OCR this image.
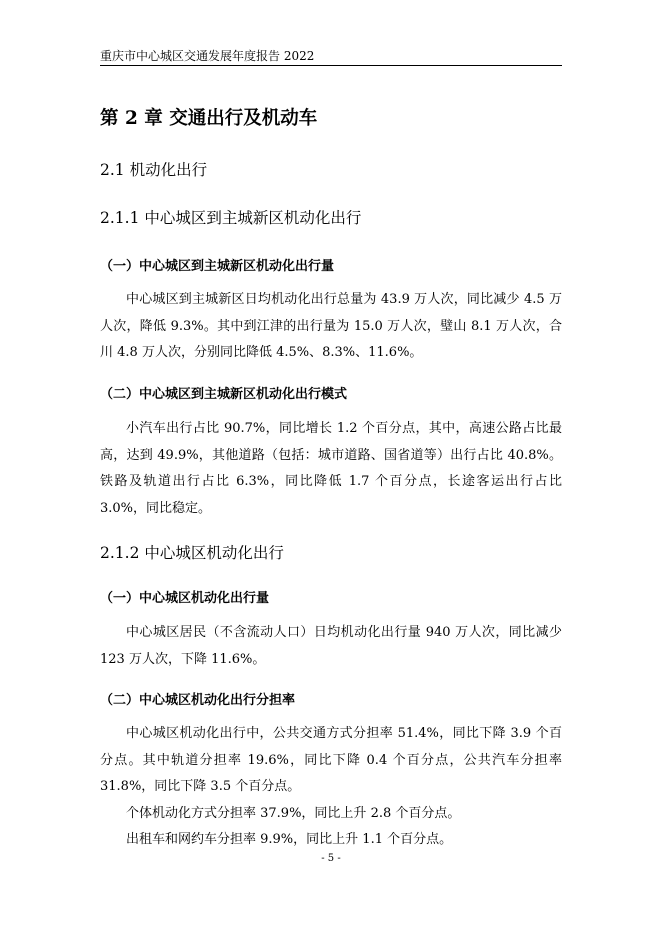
重庆市中心城区交通发展年度报告 2022
第 2 章 交通出行及机动车
2.1 机动化出行
2.1.1 中心城区到主城新区机动化出行
（一）中心城区到主城新区机动化出行量

中心城区到主城新区日均机动化出行总量为 43.9 万人次，同比减少 4.5 万人次，降低 9.3%。其中到江津的出行量为 15.0 万人次，璧山 8.1 万人次，合川 4.8 万人次，分别同比降低 4.5%、8.3%、11.6%。

（二）中心城区到主城新区机动化出行模式

小汽车出行占比 90.7%，同比增长 1.2 个百分点，其中，高速公路占比最高，达到 49.9%，其他道路（包括：城市道路、国省道等）出行占比 40.8%。铁路及轨道出行占比 6.3%，同比降低 1.7 个百分点，长途客运出行占比 3.0%，同比稳定。

2.1.2 中心城区机动化出行
（一）中心城区机动化出行量

中心城区居民（不含流动人口）日均机动化出行量 940 万人次，同比减少 123 万人次，下降 11.6%。

（二）中心城区机动化出行分担率

中心城区机动化出行中，公共交通方式分担率 51.4%，同比下降 3.9 个百分点。其中轨道分担率 19.6%，同比下降 0.4 个百分点，公共汽车分担率 31.8%，同比下降 3.5 个百分点。

个体机动化方式分担率 37.9%，同比上升 2.8 个百分点。

出租车和网约车分担率 9.9%，同比上升 1.1 个百分点。

- 5 -
